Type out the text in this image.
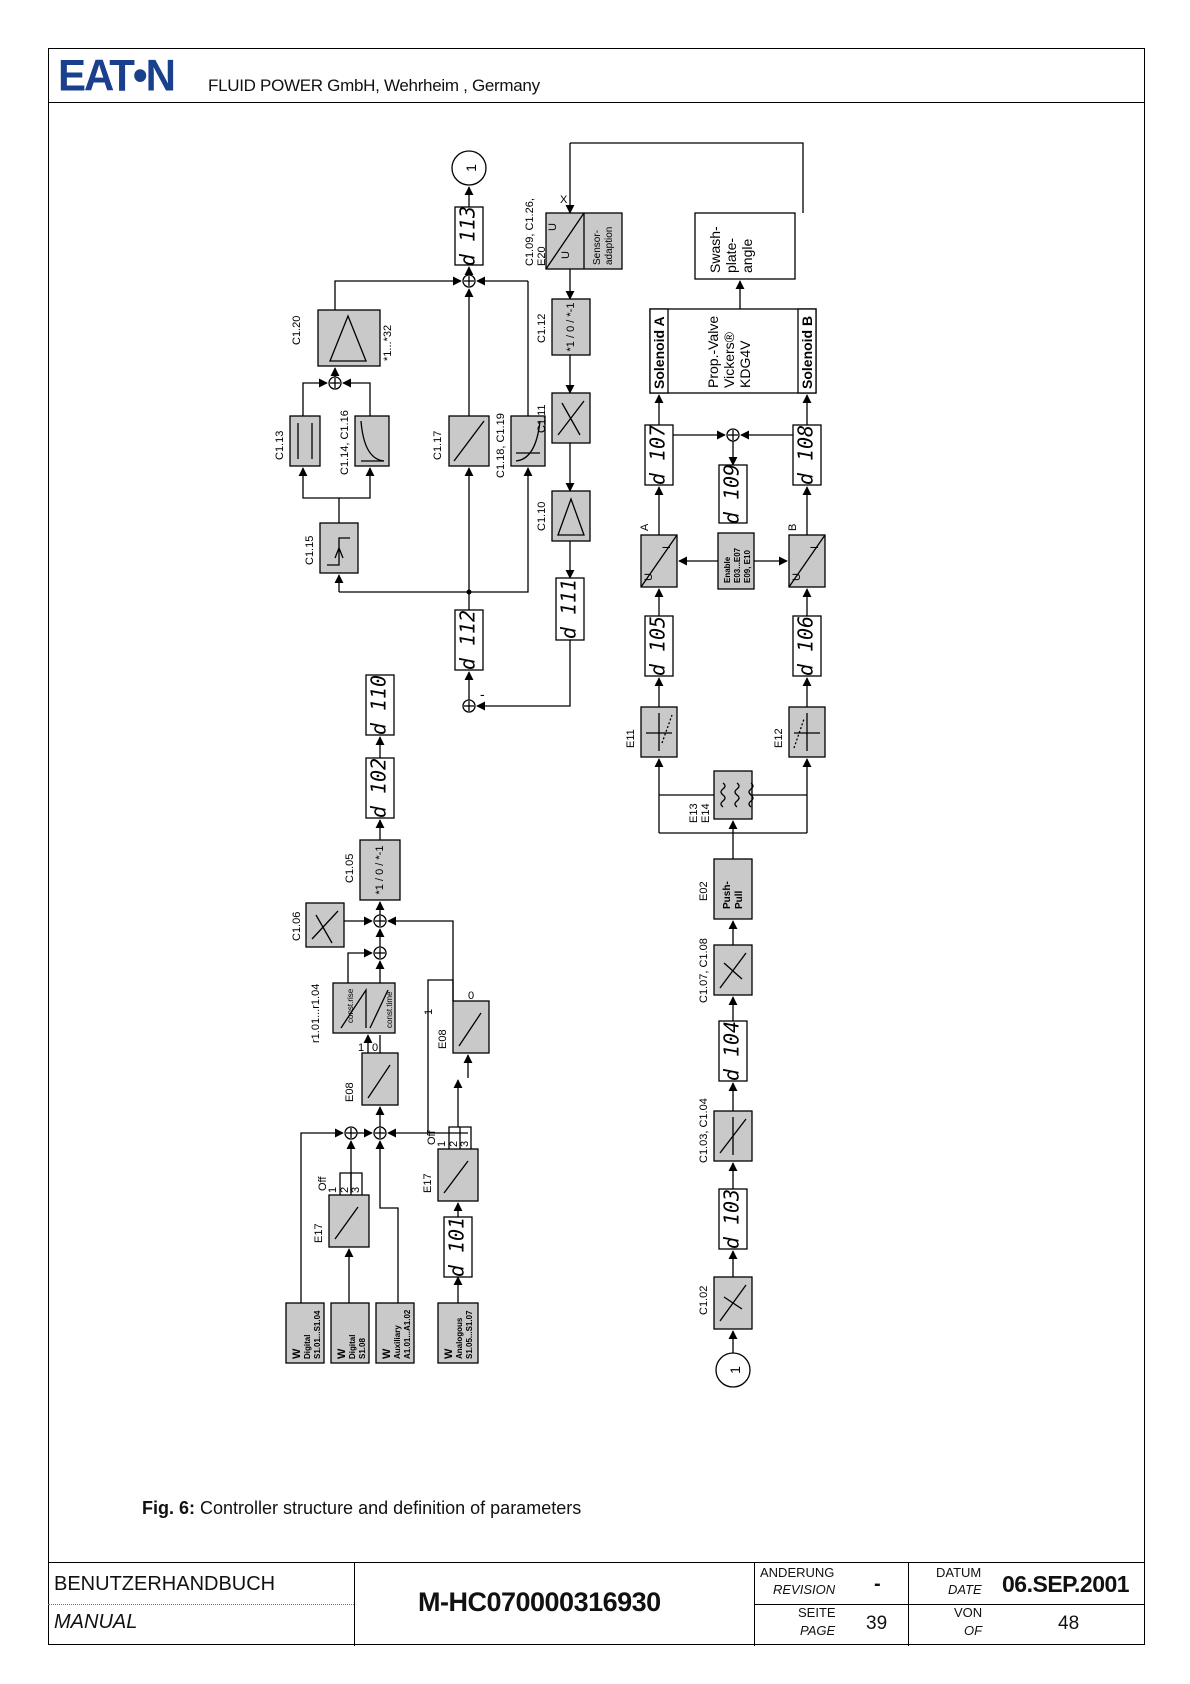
EAT•N FLUID POWER GmbH, Wehrheim , Germany
1
d 113
C1.20	*1...*32
C1.13	C1.14, C1.16	C1.17	C1.18, C1.19
C1.15
d 112
-
d 110
d 102
*1 / 0 / *-1
C1.05
C1.06
const.rise	const.time
r1.01...r1.04
E08
1 0	E08
1
0
E17
Off
1 2 3
W Digital S1.01...S1.04 W Digital S1.08 W Auxiliary A1.01...A1.02	W Analogous S1.05...S1.07
d 101
E17
Off
1 2 3
X
U
U Sensor- adaption
C1.09, C1.26, E20
*1 / 0 / *-1
C1.12
C1.11
C1.10
d 111
Swash- plate- angle
Solenoid A	Solenoid B
Prop.-Valve Vickers® KDG4V
d 107	d 108
d 109
U
I
A
U
I
B
Enable E03...E07 E09, E10
d 105	d 106
E11	E12
E13 E14
Push- Pull
E02
C1.07, C1.08
d 104
C1.03, C1.04
d 103
C1.02
1
Fig. 6: Controller structure and definition of parameters
BENUTZERHANDBUCH
MANUAL
M-HC070000316930
ANDERUNG
REVISION -
SEITE
PAGE 39
DATUM
DATE 06.SEP.2001
VON
OF	48
